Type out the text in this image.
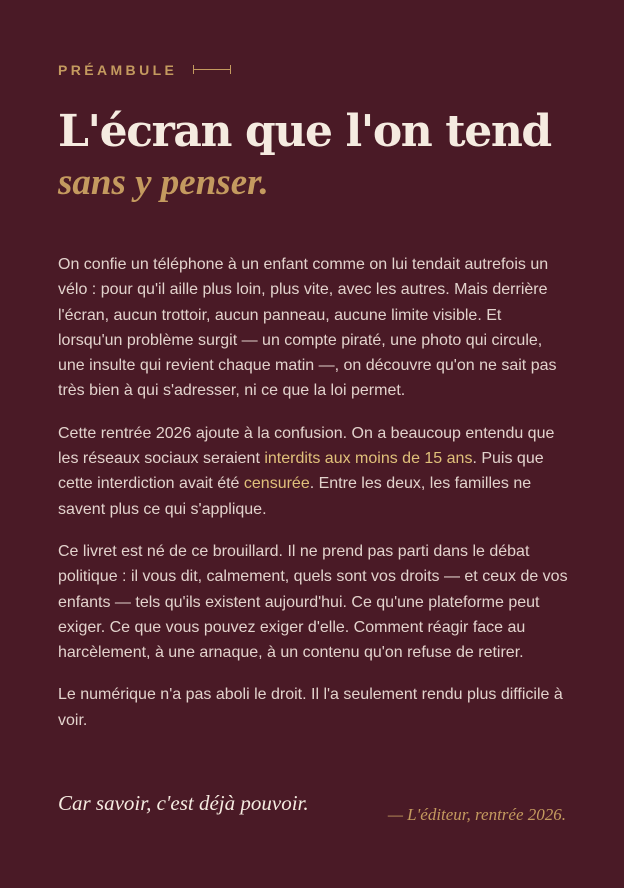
PRÉAMBULE
L'écran que l'on tend
sans y penser.

On confie un téléphone à un enfant comme on lui tendait autrefois un vélo : pour qu'il aille plus loin, plus vite, avec les autres. Mais derrière l'écran, aucun trottoir, aucun panneau, aucune limite visible. Et lorsqu'un problème surgit — un compte piraté, une photo qui circule, une insulte qui revient chaque matin —, on découvre qu'on ne sait pas très bien à qui s'adresser, ni ce que la loi permet.

Cette rentrée 2026 ajoute à la confusion. On a beaucoup entendu que les réseaux sociaux seraient interdits aux moins de 15 ans. Puis que cette interdiction avait été censurée. Entre les deux, les familles ne savent plus ce qui s'applique.

Ce livret est né de ce brouillard. Il ne prend pas parti dans le débat politique : il vous dit, calmement, quels sont vos droits — et ceux de vos enfants — tels qu'ils existent aujourd'hui. Ce qu'une plateforme peut exiger. Ce que vous pouvez exiger d'elle. Comment réagir face au harcèlement, à une arnaque, à un contenu qu'on refuse de retirer.

Le numérique n'a pas aboli le droit. Il l'a seulement rendu plus difficile à voir.

Car savoir, c'est déjà pouvoir.	— L'éditeur, rentrée 2026.
